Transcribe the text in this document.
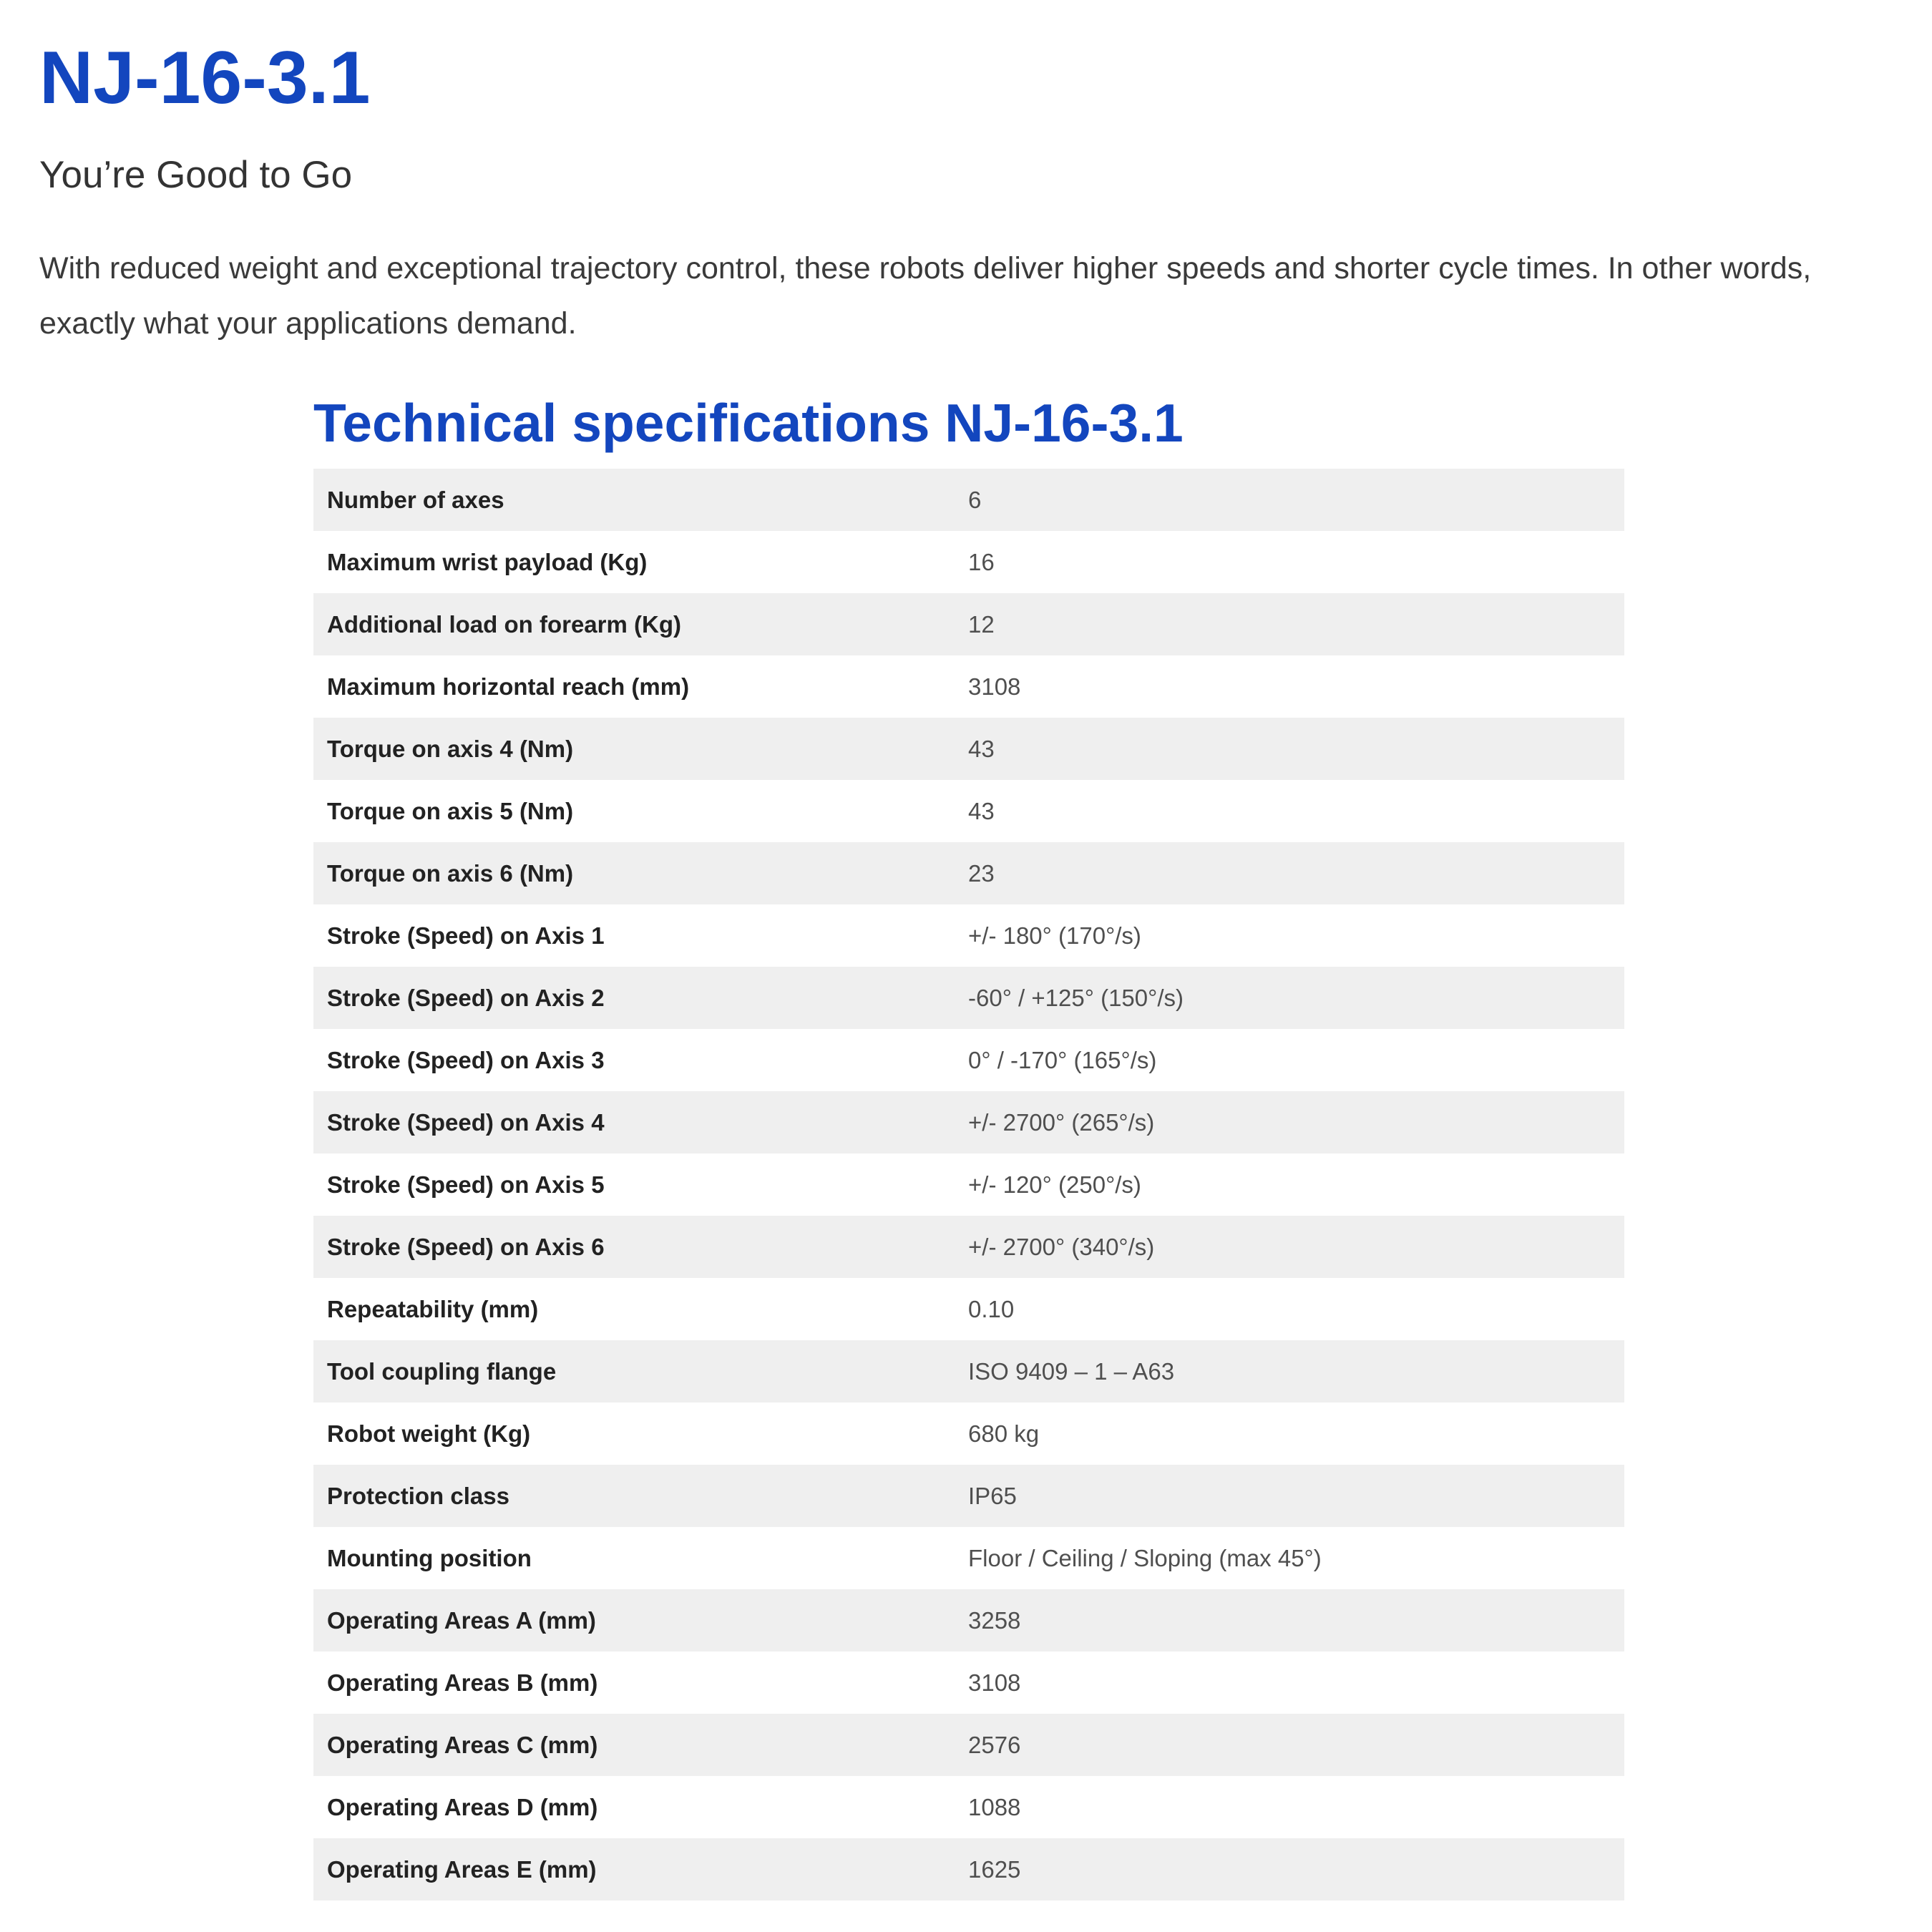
NJ-16-3.1
You’re Good to Go

With reduced weight and exceptional trajectory control, these robots deliver higher speeds and shorter cycle times. In other words, exactly what your applications demand.

Technical specifications NJ-16-3.1
Number of axes	6
Maximum wrist payload (Kg)	16
Additional load on forearm (Kg)	12
Maximum horizontal reach (mm)	3108
Torque on axis 4 (Nm)	43
Torque on axis 5 (Nm)	43
Torque on axis 6 (Nm)	23
Stroke (Speed) on Axis 1	+/- 180° (170°/s)
Stroke (Speed) on Axis 2	-60° / +125° (150°/s)
Stroke (Speed) on Axis 3	0° / -170° (165°/s)
Stroke (Speed) on Axis 4	+/- 2700° (265°/s)
Stroke (Speed) on Axis 5	+/- 120° (250°/s)
Stroke (Speed) on Axis 6	+/- 2700° (340°/s)
Repeatability (mm)	0.10
Tool coupling flange	ISO 9409 – 1 – A63
Robot weight (Kg)	680 kg
Protection class	IP65
Mounting position	Floor / Ceiling / Sloping (max 45°)
Operating Areas A (mm)	3258
Operating Areas B (mm)	3108
Operating Areas C (mm)	2576
Operating Areas D (mm)	1088
Operating Areas E (mm)	1625
